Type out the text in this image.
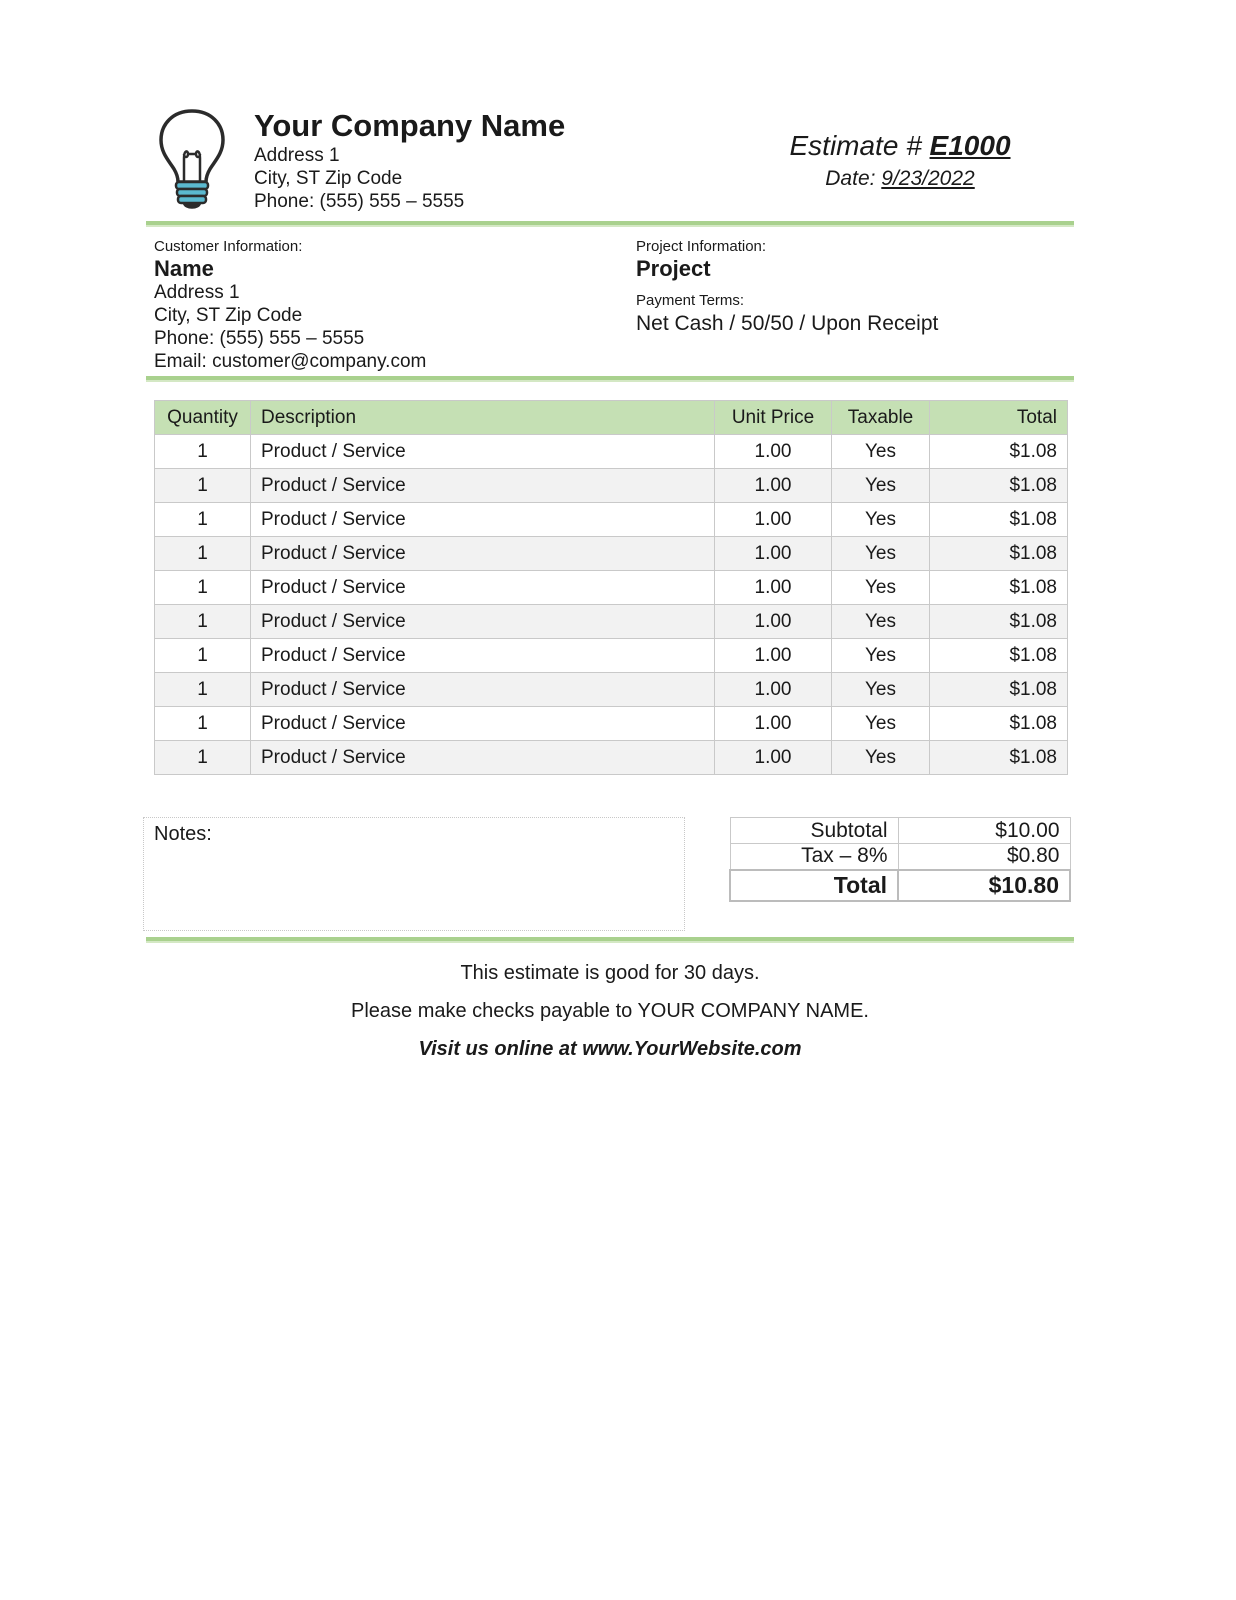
Your Company Name
Address 1
City, ST Zip Code
Phone: (555) 555 – 5555
Estimate # E1000
Date: 9/23/2022
Customer Information:
Name
Address 1
City, ST Zip Code
Phone: (555) 555 – 5555
Email: customer@company.com
Project Information:
Project
Payment Terms:
Net Cash / 50/50 / Upon Receipt
Quantity	Description	Unit Price	Taxable	Total
1	Product / Service	1.00	Yes	$1.08
1	Product / Service	1.00	Yes	$1.08
1	Product / Service	1.00	Yes	$1.08
1	Product / Service	1.00	Yes	$1.08
1	Product / Service	1.00	Yes	$1.08
1	Product / Service	1.00	Yes	$1.08
1	Product / Service	1.00	Yes	$1.08
1	Product / Service	1.00	Yes	$1.08
1	Product / Service	1.00	Yes	$1.08
1	Product / Service	1.00	Yes	$1.08
Notes:	Subtotal	$10.00
Tax – 8%	$0.80
Total	$10.80
This estimate is good for 30 days.
Please make checks payable to YOUR COMPANY NAME.
Visit us online at www.YourWebsite.com
